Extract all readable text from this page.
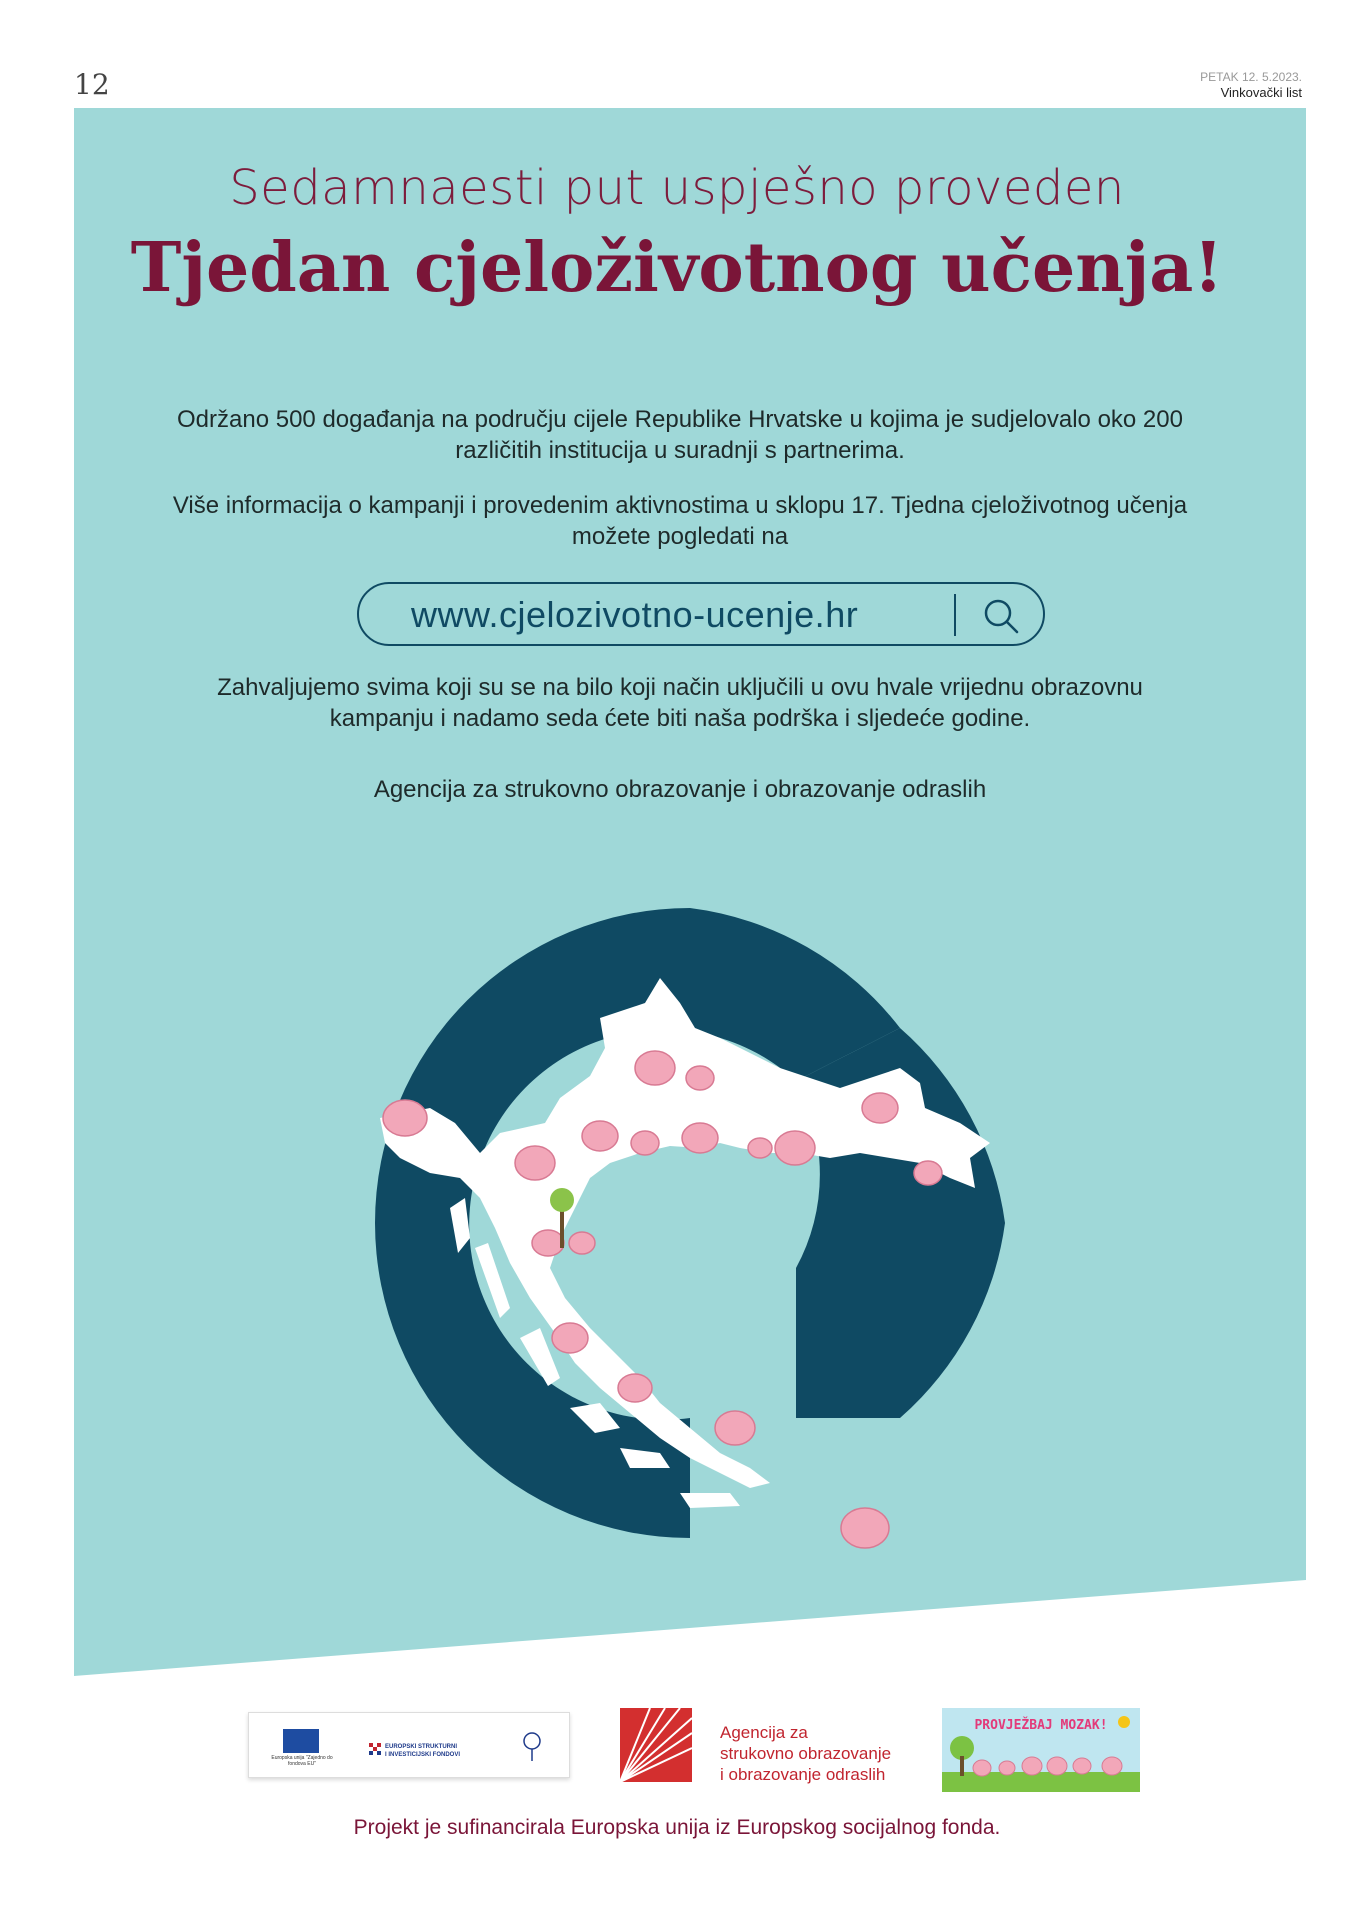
12	PETAK 12. 5.2023.
Vinkovački list
Sedamnaesti put uspješno proveden
Tjedan cjeloživotnog učenja!
Održano 500 događanja na području cijele Republike Hrvatske u kojima je sudjelovalo oko 200 različitih institucija u suradnji s partnerima.
Više informacija o kampanji i provedenim aktivnostima u sklopu 17. Tjedna cjeloživotnog učenja možete pogledati na
www.cjelozivotno-ucenje.hr
Zahvaljujemo svima koji su se na bilo koji način uključili u ovu hvale vrijednu obrazovnu kampanju i nadamo seda ćete biti naša podrška i sljedeće godine.
Agencija za strukovno obrazovanje i obrazovanje odraslih
Europska unija "Zajedno do fondova EU"
EUROPSKI STRUKTURNI
I INVESTICIJSKI FONDOVI
Agencija za
strukovno obrazovanje
i obrazovanje odraslih
PROVJEŽBAJ MOZAK!
Projekt je sufinancirala Europska unija iz Europskog socijalnog fonda.
